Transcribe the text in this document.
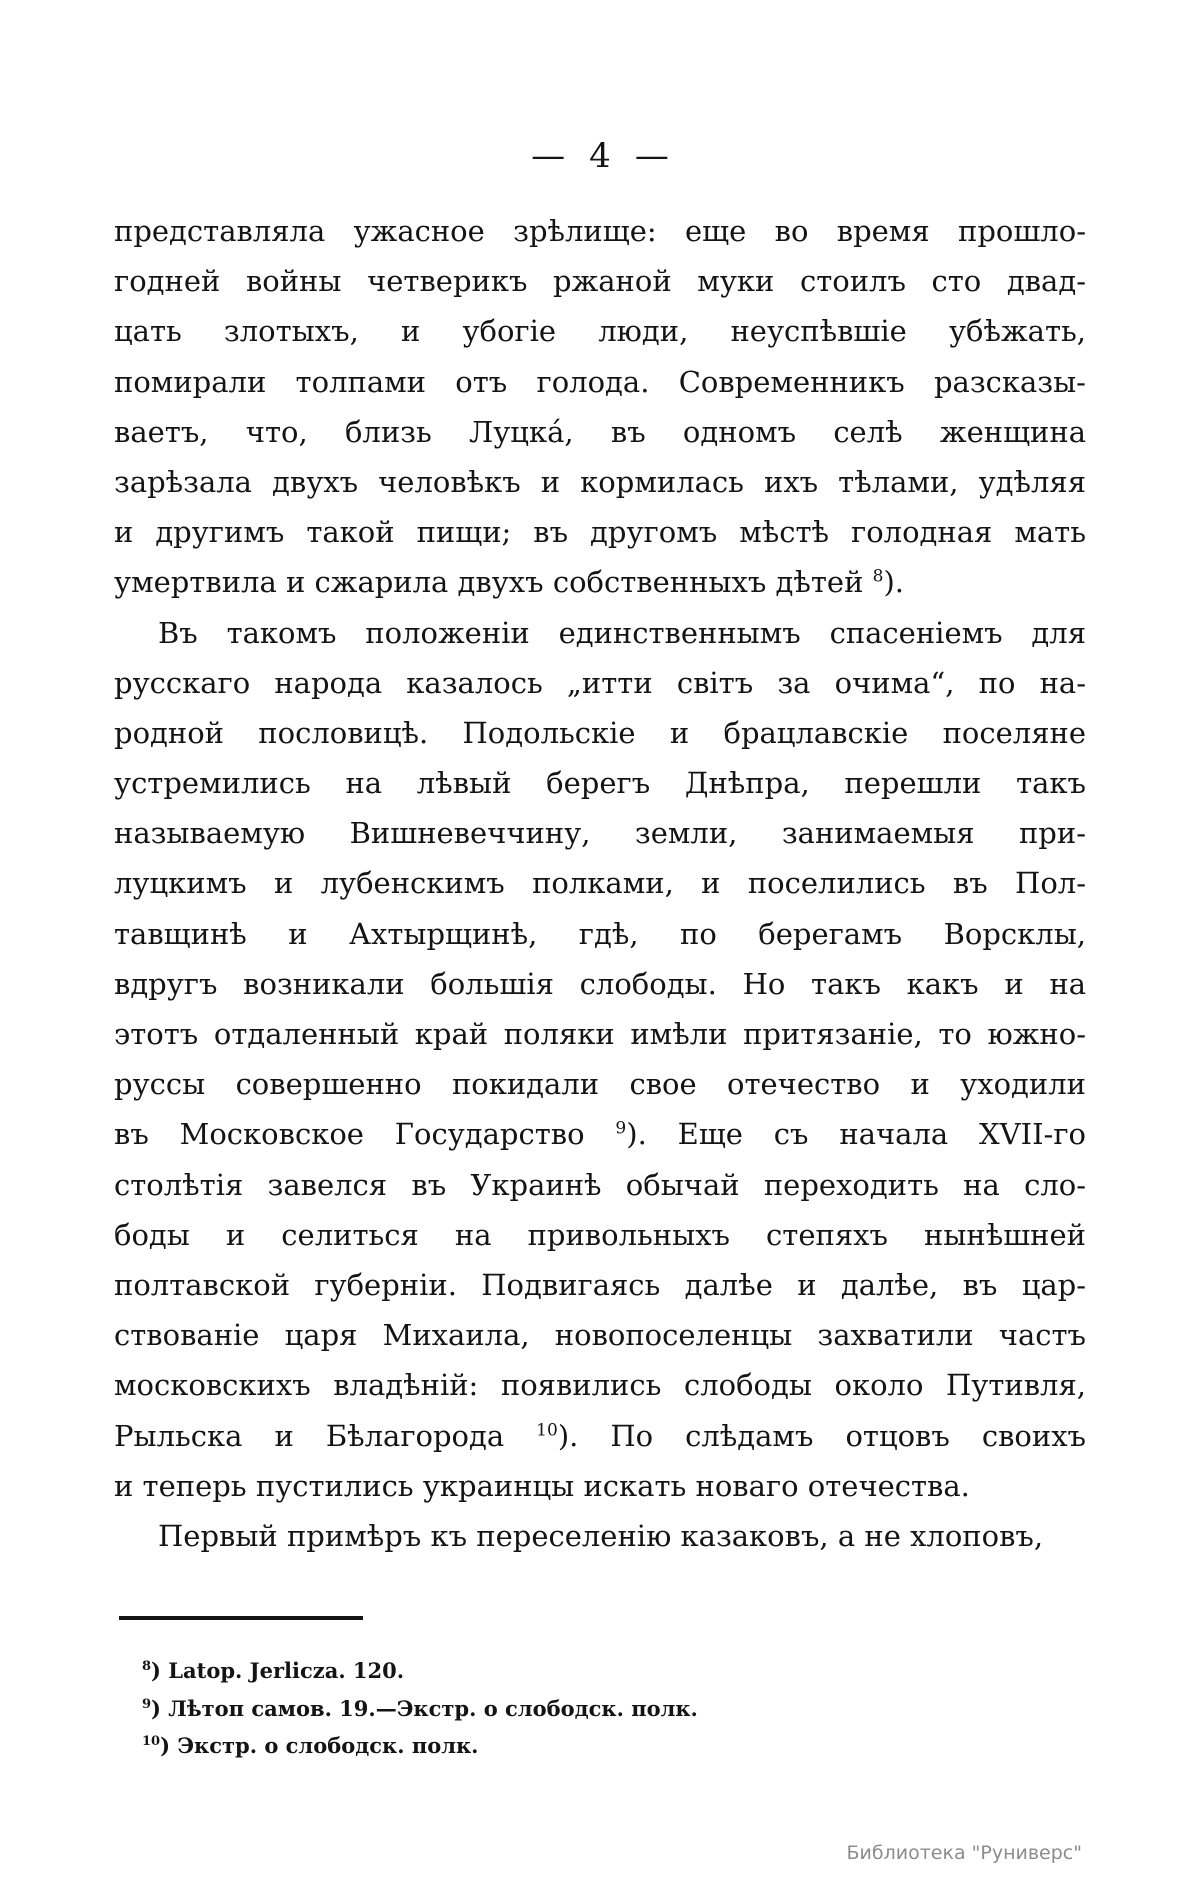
— 4 —
представляла ужасное зрѣлище: еще во время прошло-
годней войны четверикъ ржаной муки стоилъ сто двад-
цать злотыхъ, и убогіе люди, неуспѣвшіе убѣжать,
помирали толпами отъ голода. Современникъ разсказы-
ваетъ, что, близь Луцка́, въ одномъ селѣ женщина
зарѣзала двухъ человѣкъ и кормилась ихъ тѣлами, удѣляя
и другимъ такой пищи; въ другомъ мѣстѣ голодная мать
умертвила и сжарила двухъ собственныхъ дѣтей $^8$).
Въ такомъ положеніи единственнымъ спасеніемъ для
русскаго народа казалось „итти світъ за очима“, по на-
родной пословицѣ. Подольскіе и брацлавскіе поселяне
устремились на лѣвый берегъ Днѣпра, перешли такъ
называемую Вишневеччину, земли, занимаемыя при-
луцкимъ и лубенскимъ полками, и поселились въ Пол-
тавщинѣ и Ахтырщинѣ, гдѣ, по берегамъ Ворсклы,
вдругъ возникали большія слободы. Но такъ какъ и на
этотъ отдаленный край поляки имѣли притязаніе, то южно-
руссы совершенно покидали свое отечество и уходили
въ Московское Государство $^9$). Еще съ начала XVII-го
столѣтія завелся въ Украинѣ обычай переходить на сло-
боды и селиться на привольныхъ степяхъ нынѣшней
полтавской губерніи. Подвигаясь далѣе и далѣе, въ цар-
ствованіе царя Михаила, новопоселенцы захватили частъ
московскихъ владѣній: появились слободы около Путивля,
Рыльска и Бѣлагорода $^{10}$). По слѣдамъ отцовъ своихъ
и теперь пустились украинцы искать новаго отечества.
Первый примѣръ къ переселенію казаковъ, а не хлоповъ,
$^8$) Latop. Jerlicza. 120.
$^9$) Лѣтоп самов. 19.—Экстр. о слободск. полк.
$^{10}$) Экстр. о слободск. полк.
Библиотека "Руниверс"
